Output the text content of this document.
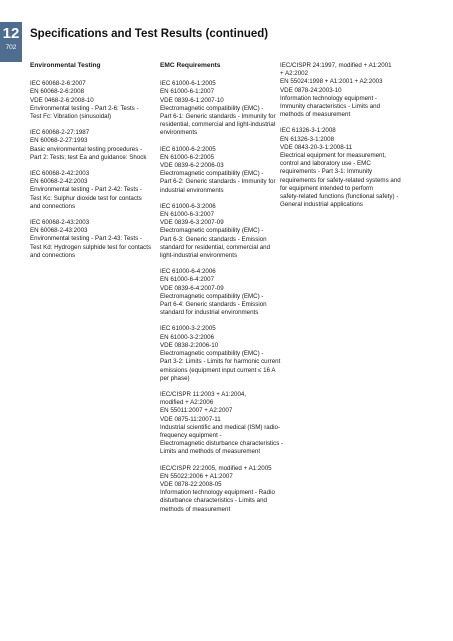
12
702
Specifications and Test Results (continued)
Environmental Testing
IEC 60068-2-6:2007
EN 60068-2-6:2008
VDE 0468-2-6:2008-10
Environmental testing - Part 2-6: Tests -
Test Fc: Vibration (sinusoidal)
IEC 60068-2-27:1987
EN 60068-2-27:1993
Basic environmental testing procedures -
Part 2: Tests; test Ea and guidance: Shock
IEC 60068-2-42:2003
EN 60068-2-42:2003
Environmental testing - Part 2-42: Tests -
Test Kc: Sulphur dioxide test for contacts
and connections
IEC 60068-2-43:2003
EN 60068-2-43:2003
Environmental testing - Part 2-43: Tests -
Test Kd: Hydrogen sulphide test for contacts
and connections
EMC Requirements
IEC 61000-6-1:2005
EN 61000-6-1:2007
VDE 0839-6-1:2007-10
Electromagnetic compatibility (EMC) -
Part 6-1: Generic standards - Immunity for
residential, commercial and light-industrial
environments
IEC 61000-6-2:2005
EN 61000-6-2:2005
VDE 0839-6-2:2006-03
Electromagnetic compatibility (EMC) -
Part 6-2: Generic standards - Immunity for
industrial environments
IEC 61000-6-3:2006
EN 61000-6-3:2007
VDE 0839-6-3:2007-09
Electromagnetic compatibility (EMC) -
Part 6-3: Generic standards - Emission
standard for residential, commercial and
light-industrial environments
IEC 61000-6-4:2006
EN 61000-6-4:2007
VDE 0839-6-4:2007-09
Electromagnetic compatibility (EMC) -
Part 6-4: Generic standards - Emission
standard for industrial environments
IEC 61000-3-2:2005
EN 61000-3-2:2006
VDE 0838-2:2006-10
Electromagnetic compatibility (EMC) -
Part 3-2: Limits - Limits for harmonic current
emissions (equipment input current ≤ 16 A
per phase)
IEC/CISPR 11:2003 + A1:2004,
modified + A2:2006
EN 55011:2007 + A2:2007
VDE 0875-11:2007-11
Industrial scientific and medical (ISM) radio-
frequency equipment -
Electromagnetic disturbance characteristics -
Limits and methods of measurement
IEC/CISPR 22:2005, modified + A1:2005
EN 55022:2006 + A1:2007
VDE 0878-22:2008-05
Information technology equipment - Radio
disturbance characteristics - Limits and
methods of measurement
IEC/CISPR 24:1997, modified + A1:2001
+ A2:2002
EN 55024:1998 + A1:2001 + A2:2003
VDE 0878-24:2003-10
Information technology equipment -
Immunity characteristics - Limits and
methods of measurement
IEC 61326-3-1:2008
EN 61326-3-1:2008
VDE 0843-20-3-1:2008-11
Electrical equipment for measurement,
control and laboratory use - EMC
requirements - Part 3-1: Immunity
requirements for safety-related systems and
for equipment intended to perform
safety-related functions (functional safety) -
General industrial applications
